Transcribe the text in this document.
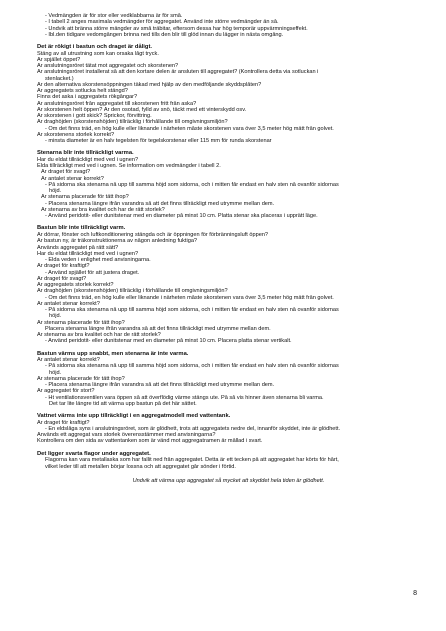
- Vedmängden är för stor eller vedklabbarna är för små.
- I tabell 2 anges maximala vedmängder för aggregatet. Använd inte större vedmängder än så.
- Undvik att bränna större mängder av små träbitar, eftersom dessa har hög temporär uppvärmningseffekt.
- Ibl.den tidigare vedomgången brinna ned tills den blir till glöd innan du lägger in nästa omgång.
Det är rökigt i bastun och draget är dåligt.
Stäng av all utrustning som kan orsaka lågt tryck.
Är spjället öppet?
Är anslutningsröret tätat mot aggregatet och skorstenen?
Är anslutningsröret installerat så att den kortare delen är ansluten till aggregatet? (Kontrollera detta via sotluckan i
stenlacket.)
Är den alternativa skorstensöppningen täkad med hjälp av den medföljande skyddsplåten?
Är aggregatets sotlucka helt stängd?
Finns det aska i aggregatets rökgångar?
Är anslutningsröret från aggregatet till skorstenen fritt från aska?
Är skorstenen helt öppen? Är den osotad, fylld av snö, täckt med ett vinterskydd osv.
Är skorstenen i gott skick? Sprickor, förvittring.
Är draghöjden (skorstenshöjden) tillräcklig i förhållande till omgivningsmiljön?
- Om det finns träd, en hög kulle eller liknande i närheten måste skorstenen vara över 3,5 meter hög mätt från golvet.
Är skorstenens storlek korrekt?
- minsta diameter är en halv tegelsten för tegelskorstenar eller 115 mm för runda skorstenar
Stenarna blir inte tillräckligt varma.
Har du eldat tillräckligt med ved i ugnen?
Elda tillräckligt med ved i ugnen. Se information om vedmängder i tabell 2.
Är draget för svagt?
Är antalet stenar korrekt?
- På sidorna ska stenarna nå upp till samma höjd som sidorna, och i mitten får endast en halv sten nå ovanför sidornas
höjd.
Är stenarna placerade för tätt ihop?
- Placera stenarna längre ifrån varandra så att det finns tillräckligt med utrymme mellan dem.
Är stenarna av bra kvalitet och har de rätt storlek?
- Använd peridotit- eller dunitstenar med en diameter på minst 10 cm. Platta stenar ska placeras i upprätt läge.
Bastun blir inte tillräckligt varm.
Är dörrar, fönster och luftkonditionering stängda och är öppningen för förbränningsluft öppen?
Är bastun ny, är träkonstruktionerna av någon anledning fuktiga?
Används aggregatet på rätt sätt?
Har du eldat tillräckligt med ved i ugnen?
- Elda veden i enlighet med anvisningarna.
Är draget för kraftigt?
- Använd spjället för att justera draget.
Är draget för svagt?
Är aggregatets storlek korrekt?
Är draghöjden (skorstenshöjden) tillräcklig i förhållande till omgivningsmiljön?
- Om det finns träd, en hög kulle eller liknande i närheten måste skorstenen vara över 3,5 meter hög mätt från golvet.
Är antalet stenar korrekt?
- På sidorna ska stenarna nå upp till samma höjd som sidorna, och i mitten får endast en halv sten nå ovanför sidornas
höjd.
Är stenarna placerade för tätt ihop?
Placera stenarna längre ifrån varandra så att det finns tillräckligt med utrymme mellan dem.
Är stenarna av bra kvalitet och har de rätt storlek?
- Använd peridotit- eller dunitstenar med en diameter på minst 10 cm. Placera platta stenar vertikalt.
Bastun värms upp snabbt, men stenarna är inte varma.
Är antalet stenar korrekt?
- På sidorna ska stenarna nå upp till samma höjd som sidorna, och i mitten får endast en halv sten nå ovanför sidornas
höjd.
Är stenarna placerade för tätt ihop?
- Placera stenarna längre ifrån varandra så att det finns tillräckligt med utrymme mellan dem.
Är aggregatet för stort?
- Ht ventilationsventilen vara öppen så att överflödig värme stängs ute. På så vis hinner även stenarna bli varma.
Det tar lite längre tid att värma upp bastun på det här sättet.
Vattnet värms inte upp tillräckligt i en aggregatmodell med vattentank.
Är draget för kraftigt?
- En eldslåga syns i anslutningsröret, som är glödhett, trots att aggregatets nedre del, innanför skyddet, inte är glödhett.
Används ett aggregat vars storlek överensstämmer med anvisningarna?
Kontrollera om den sida av vattentanken som är vänd mot aggregatramen är mållad i svart.
Det ligger svarta flagor under aggregatet.
Flagorna kan vara metallaska som har fallit ned från aggregatet. Detta är ett tecken på att aggregatet har körts för hårt,
vilket leder till att metallen börjar lossna och att aggregatet går sönder i förtid.
Undvik att värma upp aggregatet så mycket att skyddet hela tiden är glödhett.
8
